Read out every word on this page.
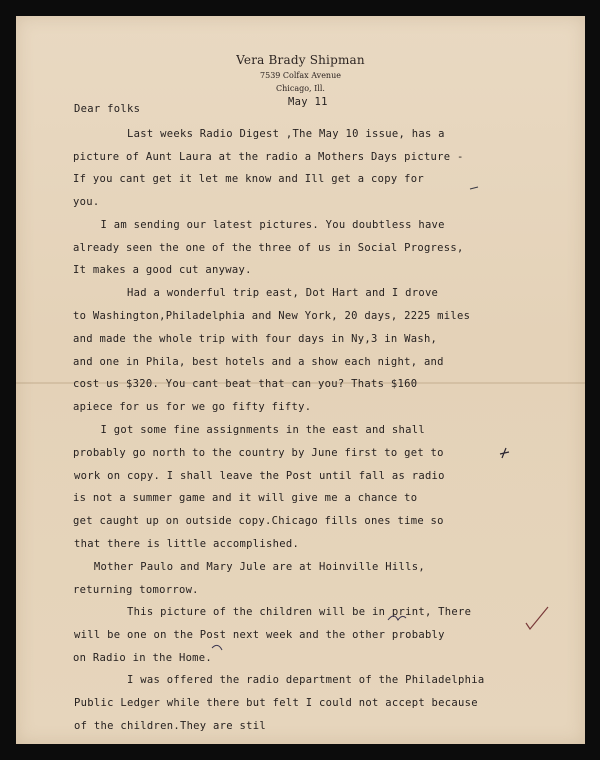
Vera Brady Shipman
7539 Colfax Avenue
Chicago, Ill.

May 11

Dear folks

Last weeks Radio Digest ,The May 10 issue, has a

picture of Aunt Laura at the radio a Mothers Days picture -

If you cant get it let me know and Ill get a copy for

you.

I am sending our latest pictures. You doubtless have

already seen the one of the three of us in Social Progress,

It makes a good cut anyway.

Had a wonderful trip east, Dot Hart and I drove

to Washington,Philadelphia and New York, 20 days, 2225 miles

and made the whole trip with four days in Ny,3 in Wash,

and one in Phila, best hotels and a show each night, and

cost us $320. You cant beat that can you? Thats $160

apiece for us for we go fifty fifty.

I got some fine assignments in the east and shall

probably go north to the country by June first to get to

work on copy. I shall leave the Post until fall as radio

is not a summer game and it will give me a chance to

get caught up on outside copy.Chicago fills ones time so

that there is little accomplished.

Mother Paulo and Mary Jule are at Hoinville Hills,

returning tomorrow.

This picture of the children will be in print, There

will be one on the Post next week and the other probably

on Radio in the Home.

I was offered the radio department of the Philadelphia

Public Ledger while there but felt I could not accept because

of the children.They are stil
